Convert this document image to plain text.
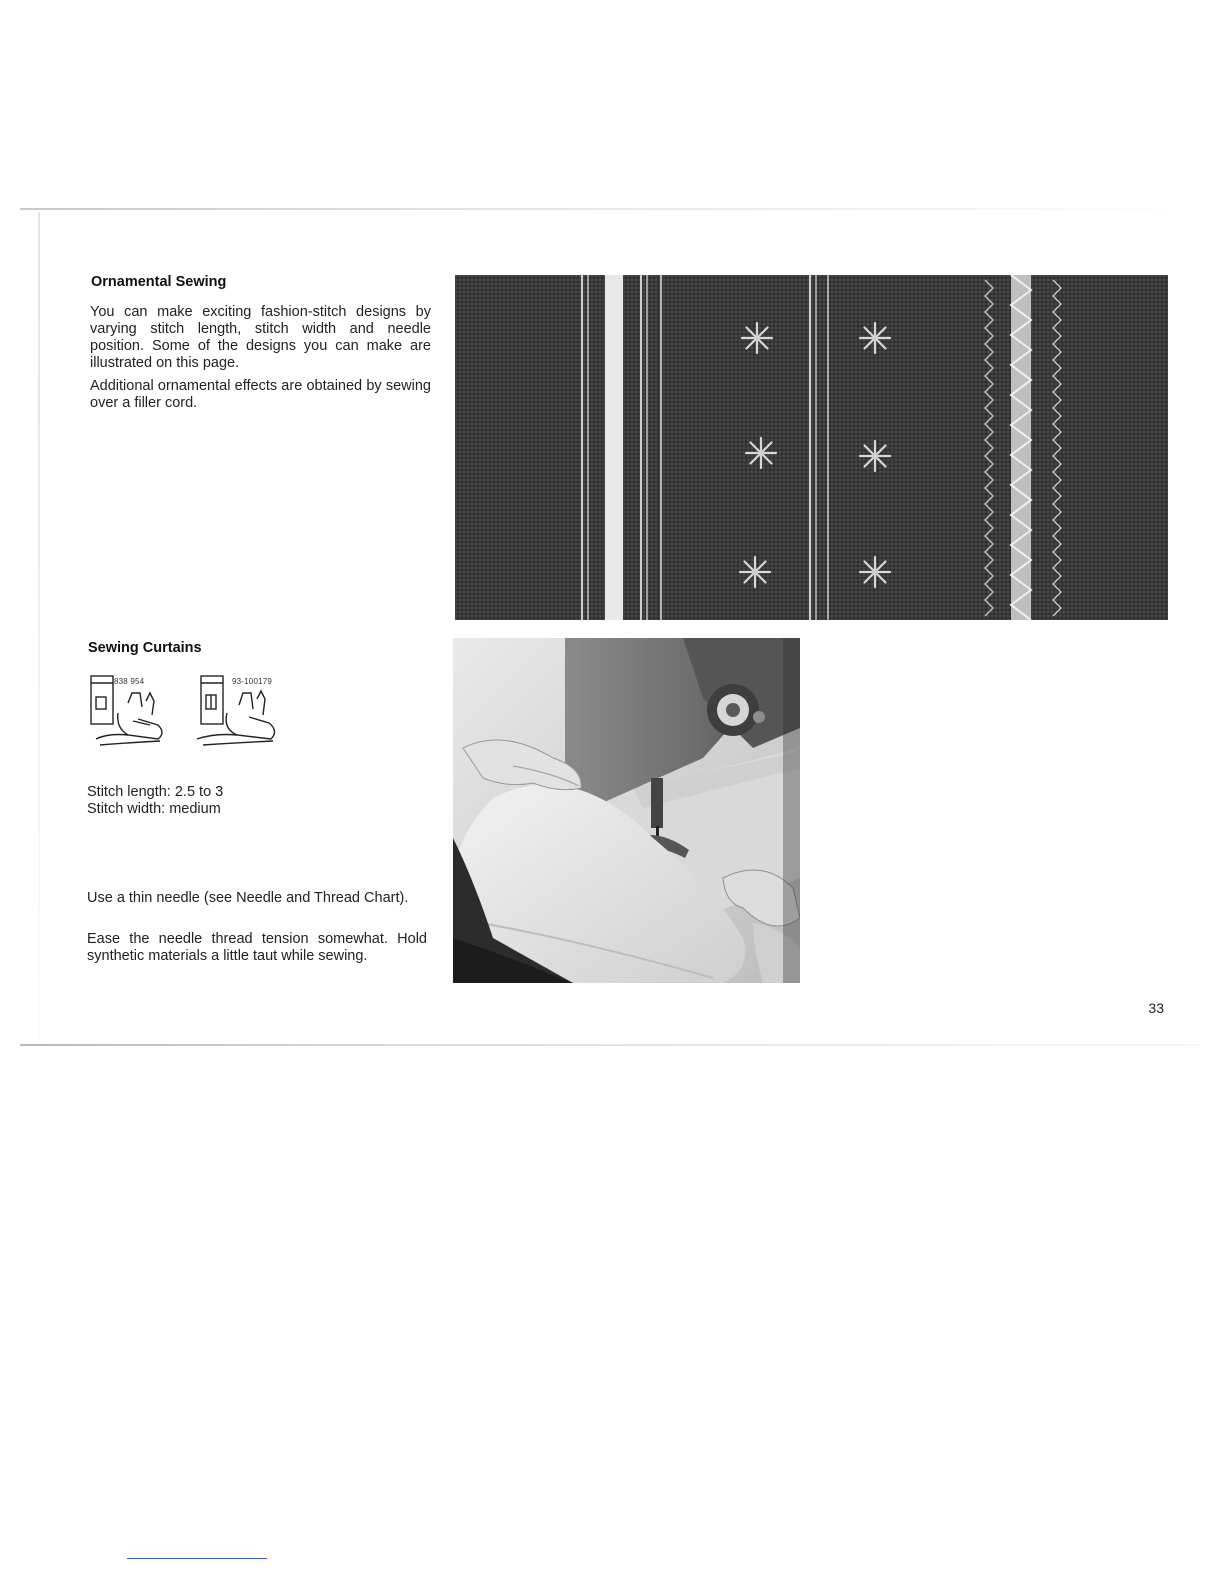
Ornamental Sewing

You can make exciting fashion-stitch designs by varying stitch length, stitch width and needle position. Some of the designs you can make are illustrated on this page.

Additional ornamental effects are obtained by sewing over a filler cord.

Sewing Curtains
838 954	93-100179

Stitch length: 2.5 to 3

Stitch width: medium

Use a thin needle (see Needle and Thread Chart).

Ease the needle thread tension somewhat. Hold synthetic materials a little taut while sewing.

33
